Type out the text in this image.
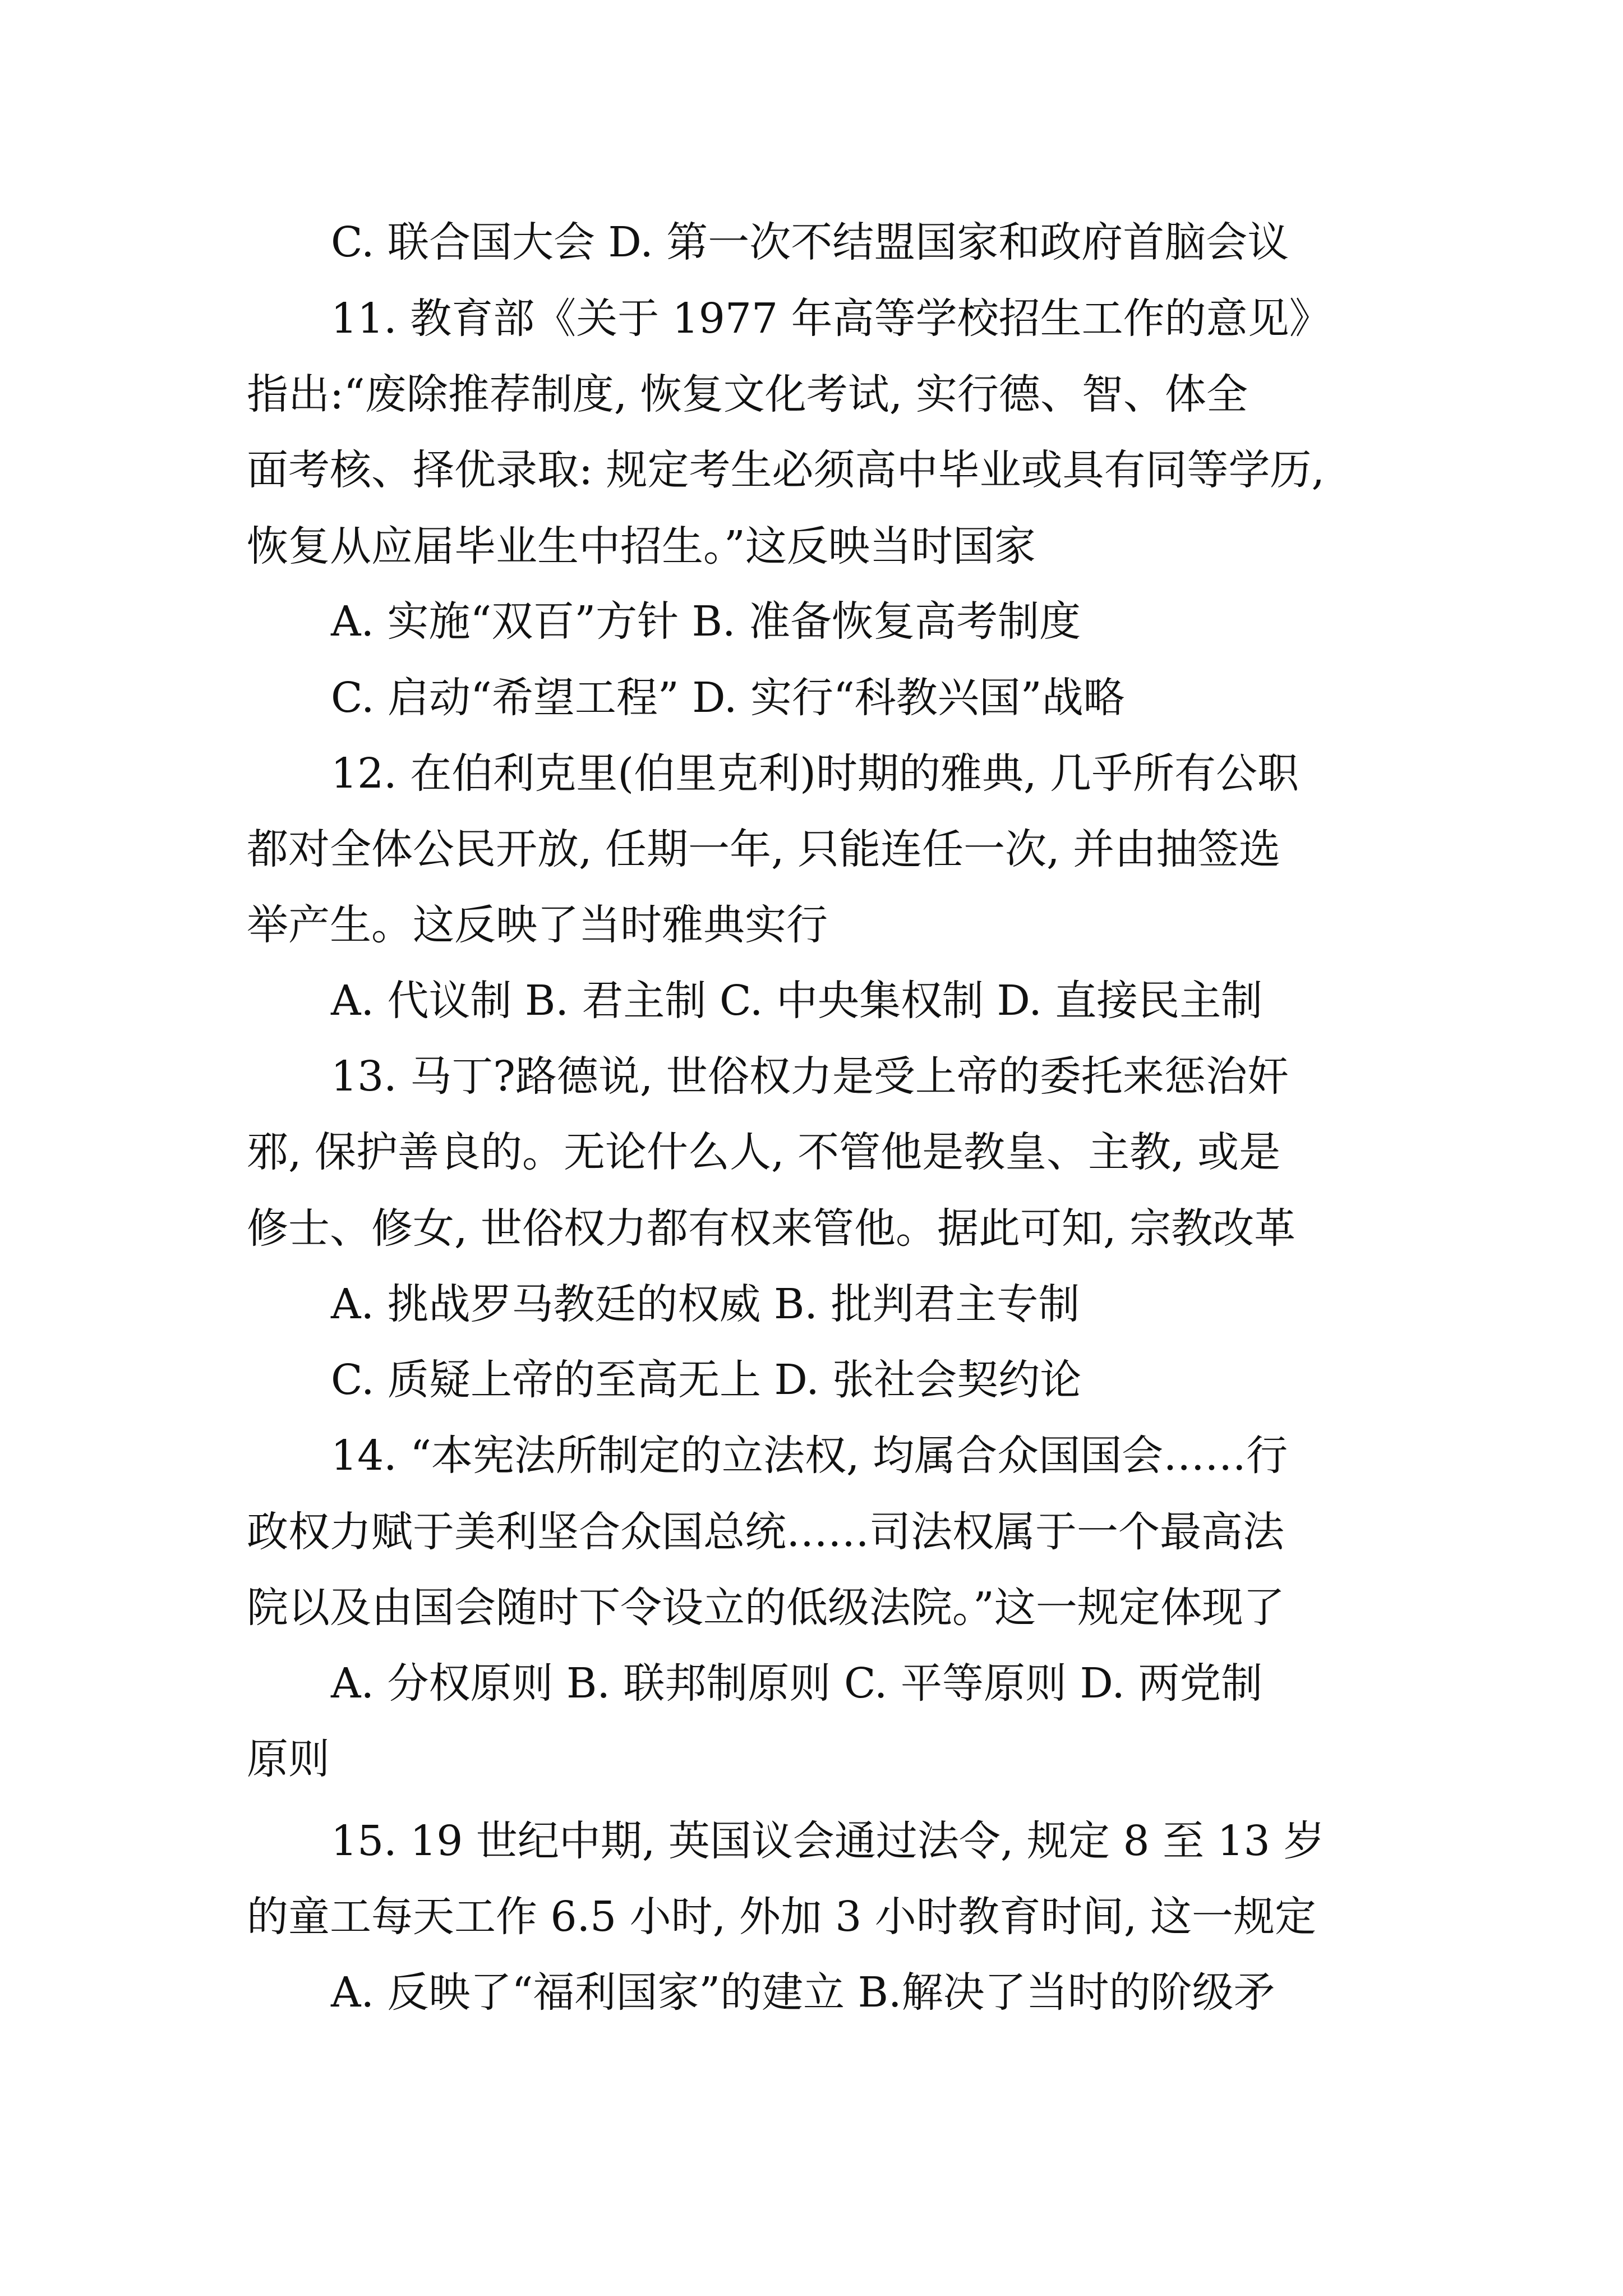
C. 联合国大会 D. 第一次不结盟国家和政府首脑会议
11. 教育部《关于 1977 年高等学校招生工作的意见》
指出:“废除推荐制度, 恢复文化考试, 实行德、智、体全
面考核、择优录取: 规定考生必须高中毕业或具有同等学历,
恢复从应届毕业生中招生。”这反映当时国家
A. 实施“双百”方针 B. 准备恢复高考制度
C. 启动“希望工程” D. 实行“科教兴国”战略
12. 在伯利克里(伯里克利)时期的雅典, 几乎所有公职
都对全体公民开放, 任期一年, 只能连任一次, 并由抽签选
举产生。这反映了当时雅典实行
A. 代议制 B. 君主制 C. 中央集权制 D. 直接民主制
13. 马丁?路德说, 世俗权力是受上帝的委托来惩治奸
邪, 保护善良的。无论什么人, 不管他是教皇、主教, 或是
修士、修女, 世俗权力都有权来管他。据此可知, 宗教改革
A. 挑战罗马教廷的权威 B. 批判君主专制
C. 质疑上帝的至高无上 D. 张社会契约论
14. “本宪法所制定的立法权, 均属合众国国会……行
政权力赋于美利坚合众国总统……司法权属于一个最高法
院以及由国会随时下令设立的低级法院。”这一规定体现了
A. 分权原则 B. 联邦制原则 C. 平等原则 D. 两党制
原则
15. 19 世纪中期, 英国议会通过法令, 规定 8 至 13 岁
的童工每天工作 6.5 小时, 外加 3 小时教育时间, 这一规定
A. 反映了“福利国家”的建立 B.解决了当时的阶级矛
